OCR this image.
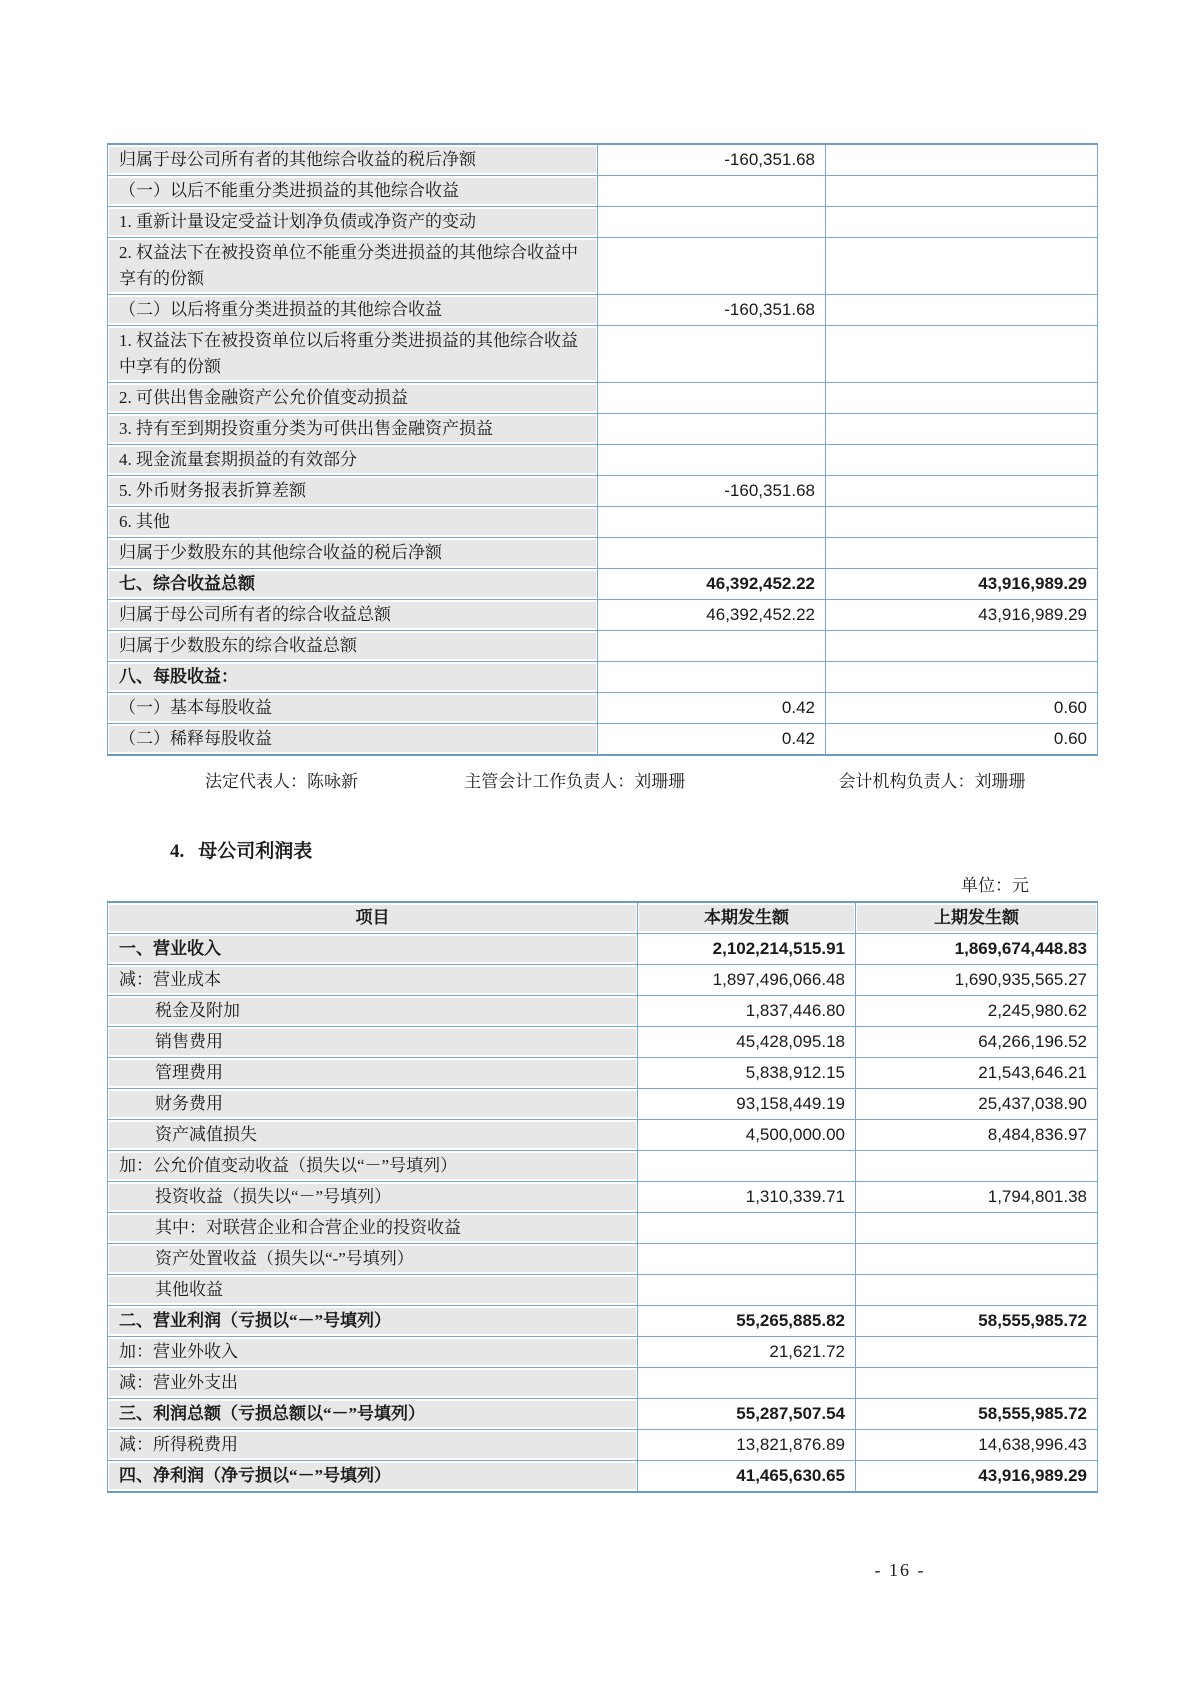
归属于母公司所有者的其他综合收益的税后净额	-160,351.68	

（一）以后不能重分类进损益的其他综合收益		

1. 重新计量设定受益计划净负债或净资产的变动		

2. 权益法下在被投资单位不能重分类进损益的其他综合收益中享有的份额		

（二）以后将重分类进损益的其他综合收益	-160,351.68	

1. 权益法下在被投资单位以后将重分类进损益的其他综合收益中享有的份额		

2. 可供出售金融资产公允价值变动损益		

3. 持有至到期投资重分类为可供出售金融资产损益		

4. 现金流量套期损益的有效部分		

5. 外币财务报表折算差额	-160,351.68	

6. 其他		

归属于少数股东的其他综合收益的税后净额		

七、综合收益总额	46,392,452.22	43,916,989.29

归属于母公司所有者的综合收益总额	46,392,452.22	43,916,989.29

归属于少数股东的综合收益总额		

八、每股收益：		

（一）基本每股收益	0.42	0.60

（二）稀释每股收益	0.42	0.60
法定代表人：陈咏新	主管会计工作负责人：刘珊珊	会计机构负责人：刘珊珊
4. 母公司利润表
单位：元
项目	本期发生额	上期发生额

一、营业收入	2,102,214,515.91	1,869,674,448.83

减：营业成本	1,897,496,066.48	1,690,935,565.27

税金及附加	1,837,446.80	2,245,980.62

销售费用	45,428,095.18	64,266,196.52

管理费用	5,838,912.15	21,543,646.21

财务费用	93,158,449.19	25,437,038.90

资产减值损失	4,500,000.00	8,484,836.97

加：公允价值变动收益（损失以“－”号填列）		

投资收益（损失以“－”号填列）	1,310,339.71	1,794,801.38

其中：对联营企业和合营企业的投资收益		

资产处置收益（损失以“-”号填列）		

其他收益		

二、营业利润（亏损以“－”号填列）	55,265,885.82	58,555,985.72

加：营业外收入	21,621.72	

减：营业外支出		

三、利润总额（亏损总额以“－”号填列）	55,287,507.54	58,555,985.72

减：所得税费用	13,821,876.89	14,638,996.43

四、净利润（净亏损以“－”号填列）	41,465,630.65	43,916,989.29
- 16 -
